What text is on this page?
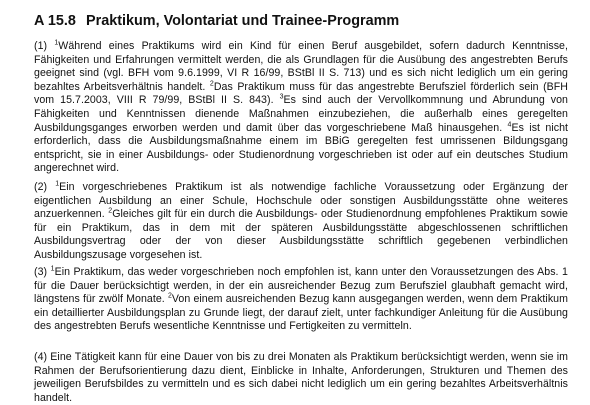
A 15.8 Praktikum, Volontariat und Trainee-Programm

(1) $^1$Während eines Praktikums wird ein Kind für einen Beruf ausgebildet, sofern dadurch Kenntnisse, Fähigkeiten und Erfahrungen vermittelt werden, die als Grundlagen für die Ausübung des angestrebten Berufs geeignet sind (vgl. BFH vom 9.6.1999, VI R 16/99, BStBl II S. 713) und es sich nicht lediglich um ein gering bezahltes Arbeitsverhältnis handelt. $^2$Das Praktikum muss für das angestrebte Berufsziel förderlich sein (BFH vom 15.7.2003, VIII R 79/99, BStBl II S. 843). $^3$Es sind auch der Vervollkommnung und Abrundung von Fähigkeiten und Kenntnissen dienende Maßnahmen einzubeziehen, die außerhalb eines geregelten Ausbildungsganges erworben werden und damit über das vorgeschriebene Maß hinausgehen. $^4$Es ist nicht erforderlich, dass die Ausbildungsmaßnahme einem im BBiG geregelten fest umrissenen Bildungsgang entspricht, sie in einer Ausbildungs- oder Studienordnung vorgeschrieben ist oder auf ein deutsches Studium angerechnet wird.

(2) $^1$Ein vorgeschriebenes Praktikum ist als notwendige fachliche Voraussetzung oder Ergänzung der eigentlichen Ausbildung an einer Schule, Hochschule oder sonstigen Ausbildungsstätte ohne weiteres anzuerkennen. $^2$Gleiches gilt für ein durch die Ausbildungs- oder Studienordnung empfohlenes Praktikum sowie für ein Praktikum, das in dem mit der späteren Ausbildungsstätte abgeschlossenen schriftlichen Ausbildungsvertrag oder der von dieser Ausbildungsstätte schriftlich gegebenen verbindlichen Ausbildungszusage vorgesehen ist.

(3) $^1$Ein Praktikum, das weder vorgeschrieben noch empfohlen ist, kann unter den Voraussetzungen des Abs. 1 für die Dauer berücksichtigt werden, in der ein ausreichender Bezug zum Berufsziel glaubhaft gemacht wird, längstens für zwölf Monate. $^2$Von einem ausreichenden Bezug kann ausgegangen werden, wenn dem Praktikum ein detaillierter Ausbildungsplan zu Grunde liegt, der darauf zielt, unter fachkundiger Anleitung für die Ausübung des angestrebten Berufs wesentliche Kenntnisse und Fertigkeiten zu vermitteln.

(4) Eine Tätigkeit kann für eine Dauer von bis zu drei Monaten als Praktikum berücksichtigt werden, wenn sie im Rahmen der Berufsorientierung dazu dient, Einblicke in Inhalte, Anforderungen, Strukturen und Themen des jeweiligen Berufsbildes zu vermitteln und es sich dabei nicht lediglich um ein gering bezahltes Arbeitsverhältnis handelt.
